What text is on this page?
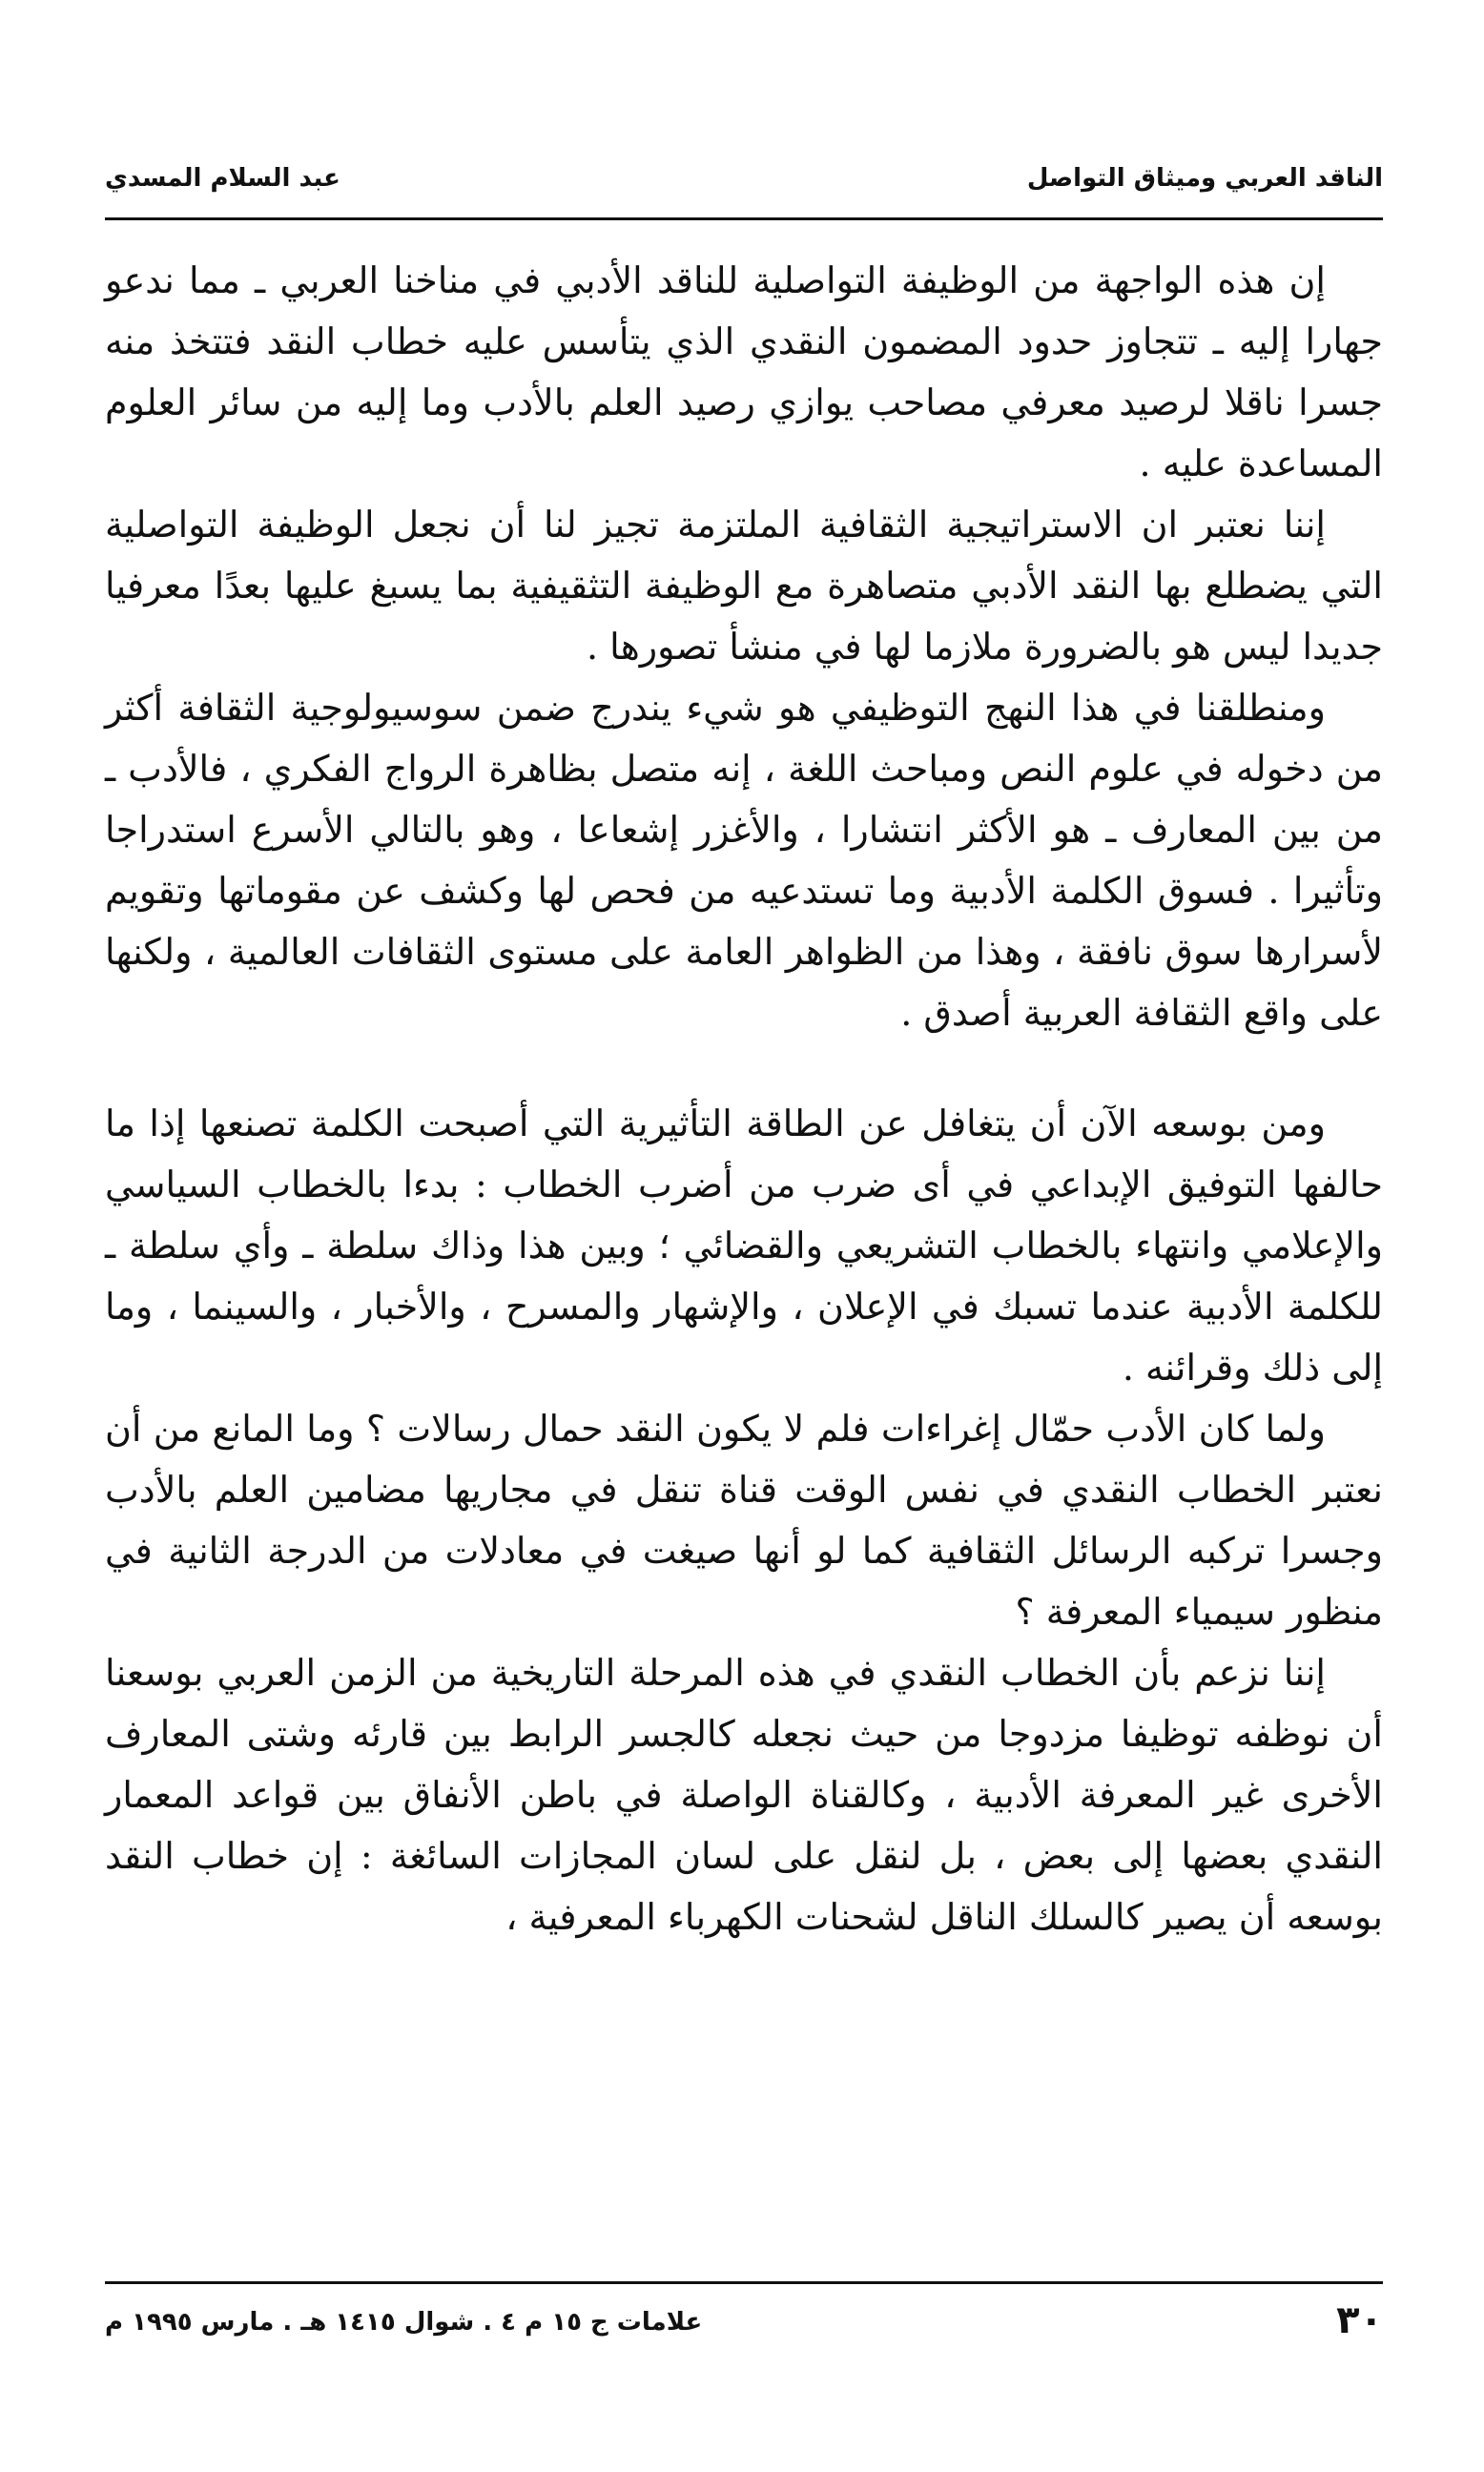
الناقد العربي وميثاق التواصل
عبد السلام المسدي

إن هذه الواجهة من الوظيفة التواصلية للناقد الأدبي في مناخنا العربي ـ مما ندعو جهارا إليه ـ تتجاوز حدود المضمون النقدي الذي يتأسس عليه خطاب النقد فتتخذ منه جسرا ناقلا لرصيد معرفي مصاحب يوازي رصيد العلم بالأدب وما إليه من سائر العلوم المساعدة عليه .

إننا نعتبر ان الاستراتيجية الثقافية الملتزمة تجيز لنا أن نجعل الوظيفة التواصلية التي يضطلع بها النقد الأدبي متصاهرة مع الوظيفة التثقيفية بما يسبغ عليها بعدًا معرفيا جديدا ليس هو بالضرورة ملازما لها في منشأ تصورها .

ومنطلقنا في هذا النهج التوظيفي هو شيء يندرج ضمن سوسيولوجية الثقافة أكثر من دخوله في علوم النص ومباحث اللغة ، إنه متصل بظاهرة الرواج الفكري ، فالأدب ـ من بين المعارف ـ هو الأكثر انتشارا ، والأغزر إشعاعا ، وهو بالتالي الأسرع استدراجا وتأثيرا . فسوق الكلمة الأدبية وما تستدعيه من فحص لها وكشف عن مقوماتها وتقويم لأسرارها سوق نافقة ، وهذا من الظواهر العامة على مستوى الثقافات العالمية ، ولكنها على واقع الثقافة العربية أصدق .

ومن بوسعه الآن أن يتغافل عن الطاقة التأثيرية التي أصبحت الكلمة تصنعها إذا ما حالفها التوفيق الإبداعي في أى ضرب من أضرب الخطاب : بدءا بالخطاب السياسي والإعلامي وانتهاء بالخطاب التشريعي والقضائي ؛ وبين هذا وذاك سلطة ـ وأي سلطة ـ للكلمة الأدبية عندما تسبك في الإعلان ، والإشهار والمسرح ، والأخبار ، والسينما ، وما إلى ذلك وقرائنه .

ولما كان الأدب حمّال إغراءات فلم لا يكون النقد حمال رسالات ؟ وما المانع من أن نعتبر الخطاب النقدي في نفس الوقت قناة تنقل في مجاريها مضامين العلم بالأدب وجسرا تركبه الرسائل الثقافية كما لو أنها صيغت في معادلات من الدرجة الثانية في منظور سيمياء المعرفة ؟

إننا نزعم بأن الخطاب النقدي في هذه المرحلة التاريخية من الزمن العربي بوسعنا أن نوظفه توظيفا مزدوجا من حيث نجعله كالجسر الرابط بين قارئه وشتى المعارف الأخرى غير المعرفة الأدبية ، وكالقناة الواصلة في باطن الأنفاق بين قواعد المعمار النقدي بعضها إلى بعض ، بل لنقل على لسان المجازات السائغة : إن خطاب النقد بوسعه أن يصير كالسلك الناقل لشحنات الكهرباء المعرفية ،

٣٠
علامات ج ١٥ م ٤ . شوال ١٤١٥ هـ . مارس ١٩٩٥ م
